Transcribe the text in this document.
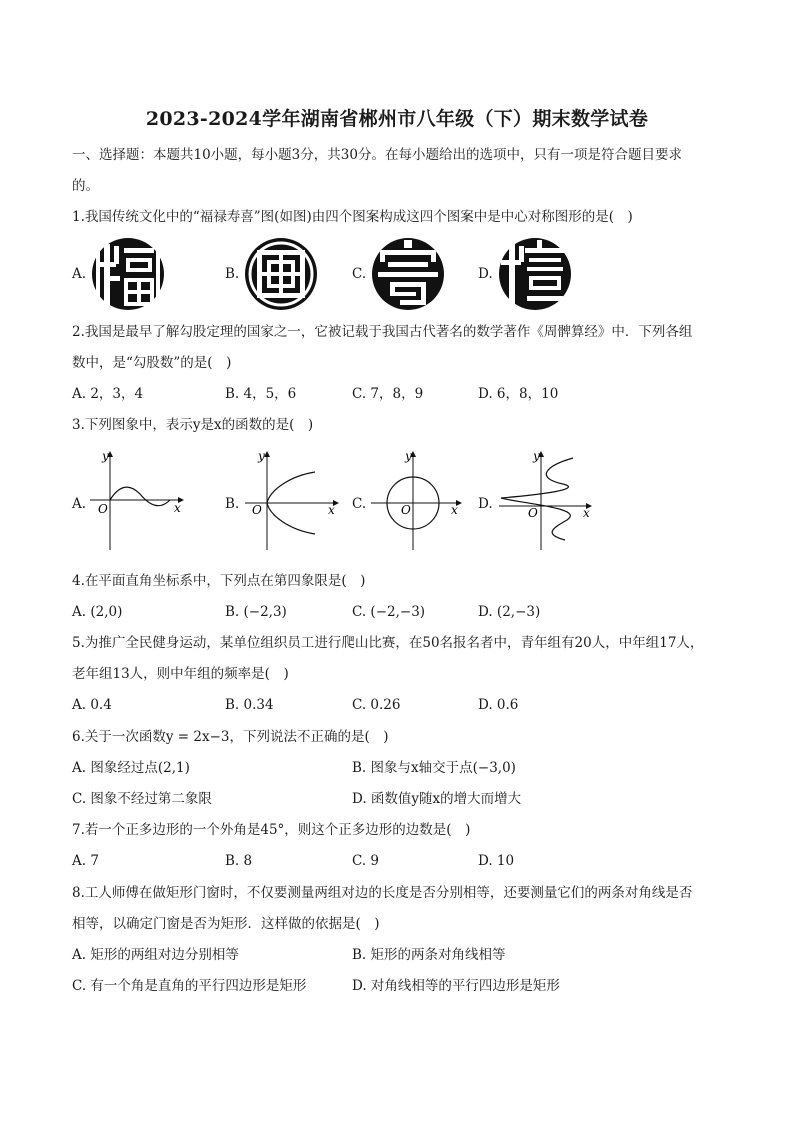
2023-2024学年湖南省郴州市八年级（下）期末数学试卷
一、选择题：本题共10小题，每小题3分，共30分。在每小题给出的选项中，只有一项是符合题目要求
的。
1.我国传统文化中的“福禄寿喜”图(如图)由四个图案构成这四个图案中是中心对称图形的是(　)
A.	B.	C.	D.
2.我国是最早了解勾股定理的国家之一，它被记载于我国古代著名的数学著作《周髀算经》中．下列各组
数中，是“勾股数”的是(　)
A. 2，3，4	B. 4，5，6	C. 7，8，9	D. 6，8，10
3.下列图象中，表示y是x的函数的是(　)
A.	B.	C.	D.
y
x
O
y
x
O
y
x
O
y
x
O
4.在平面直角坐标系中，下列点在第四象限是(　)
A. (2,0)	B. (−2,3)	C. (−2,−3)	D. (2,−3)
5.为推广全民健身运动，某单位组织员工进行爬山比赛，在50名报名者中，青年组有20人，中年组17人，
老年组13人，则中年组的频率是(　)
A. 0.4	B. 0.34	C. 0.26	D. 0.6
6.关于一次函数y = 2x−3，下列说法不正确的是(　)
A. 图象经过点(2,1)	B. 图象与x轴交于点(−3,0)
C. 图象不经过第二象限	D. 函数值y随x的增大而增大
7.若一个正多边形的一个外角是45°，则这个正多边形的边数是(　)
A. 7	B. 8	C. 9	D. 10
8.工人师傅在做矩形门窗时，不仅要测量两组对边的长度是否分别相等，还要测量它们的两条对角线是否
相等，以确定门窗是否为矩形．这样做的依据是(　)
A. 矩形的两组对边分别相等	B. 矩形的两条对角线相等
C. 有一个角是直角的平行四边形是矩形	D. 对角线相等的平行四边形是矩形
